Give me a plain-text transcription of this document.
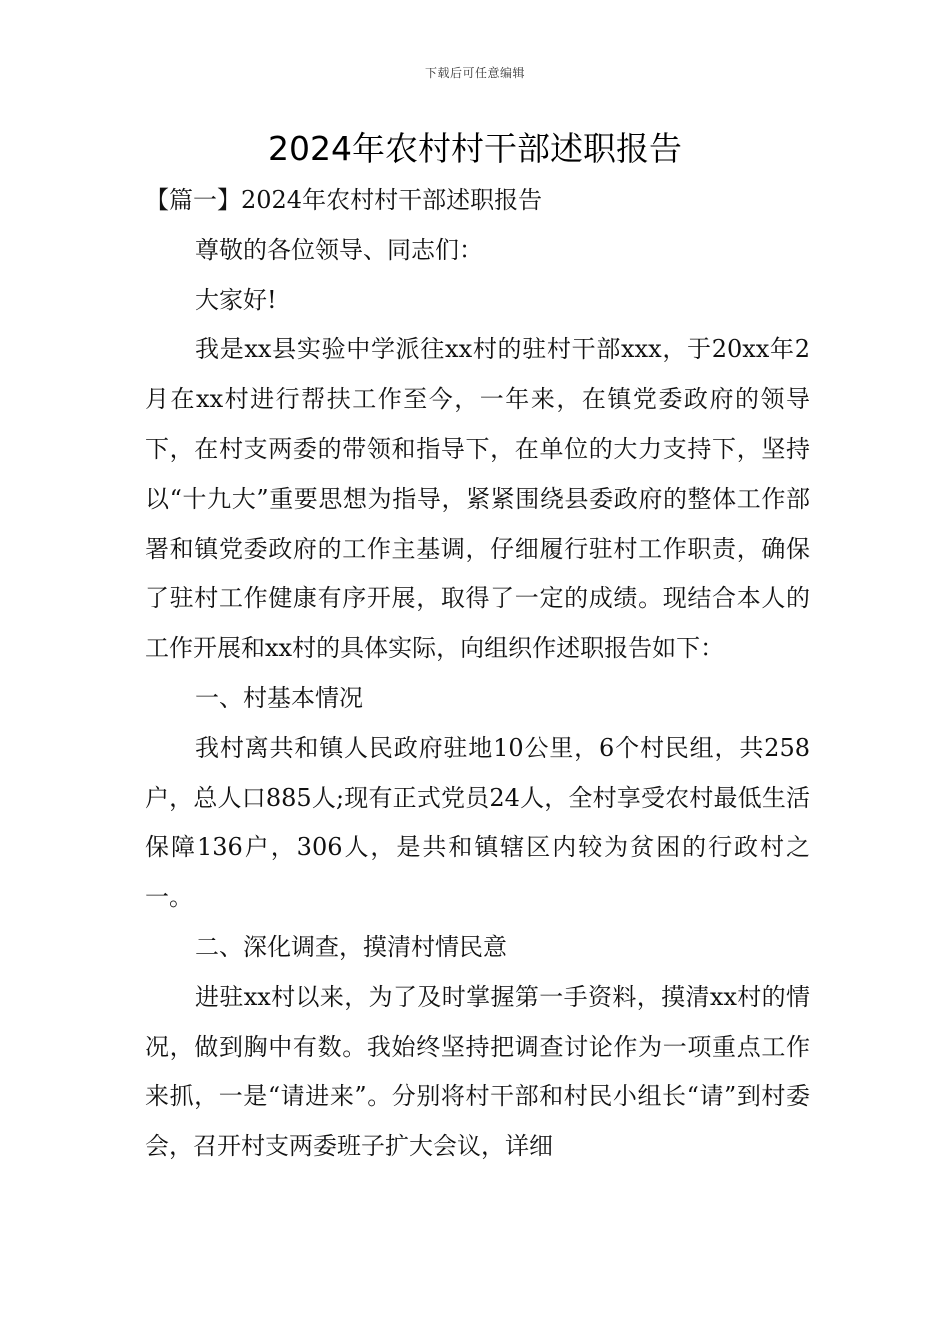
下载后可任意编辑
2024年农村村干部述职报告

【篇一】2024年农村村干部述职报告

尊敬的各位领导、同志们：

大家好!

我是xx县实验中学派往xx村的驻村干部xxx，于20xx年2月在xx村进行帮扶工作至今，一年来，在镇党委政府的领导下，在村支两委的带领和指导下，在单位的大力支持下，坚持以“十九大”重要思想为指导，紧紧围绕县委政府的整体工作部署和镇党委政府的工作主基调，仔细履行驻村工作职责，确保了驻村工作健康有序开展，取得了一定的成绩。现结合本人的工作开展和xx村的具体实际，向组织作述职报告如下：

一、村基本情况

我村离共和镇人民政府驻地10公里，6个村民组，共258户，总人口885人;现有正式党员24人，全村享受农村最低生活保障136户，306人，是共和镇辖区内较为贫困的行政村之一。

二、深化调查，摸清村情民意

进驻xx村以来，为了及时掌握第一手资料，摸清xx村的情况，做到胸中有数。我始终坚持把调查讨论作为一项重点工作来抓，一是“请进来”。分别将村干部和村民小组长“请”到村委会，召开村支两委班子扩大会议，详细
